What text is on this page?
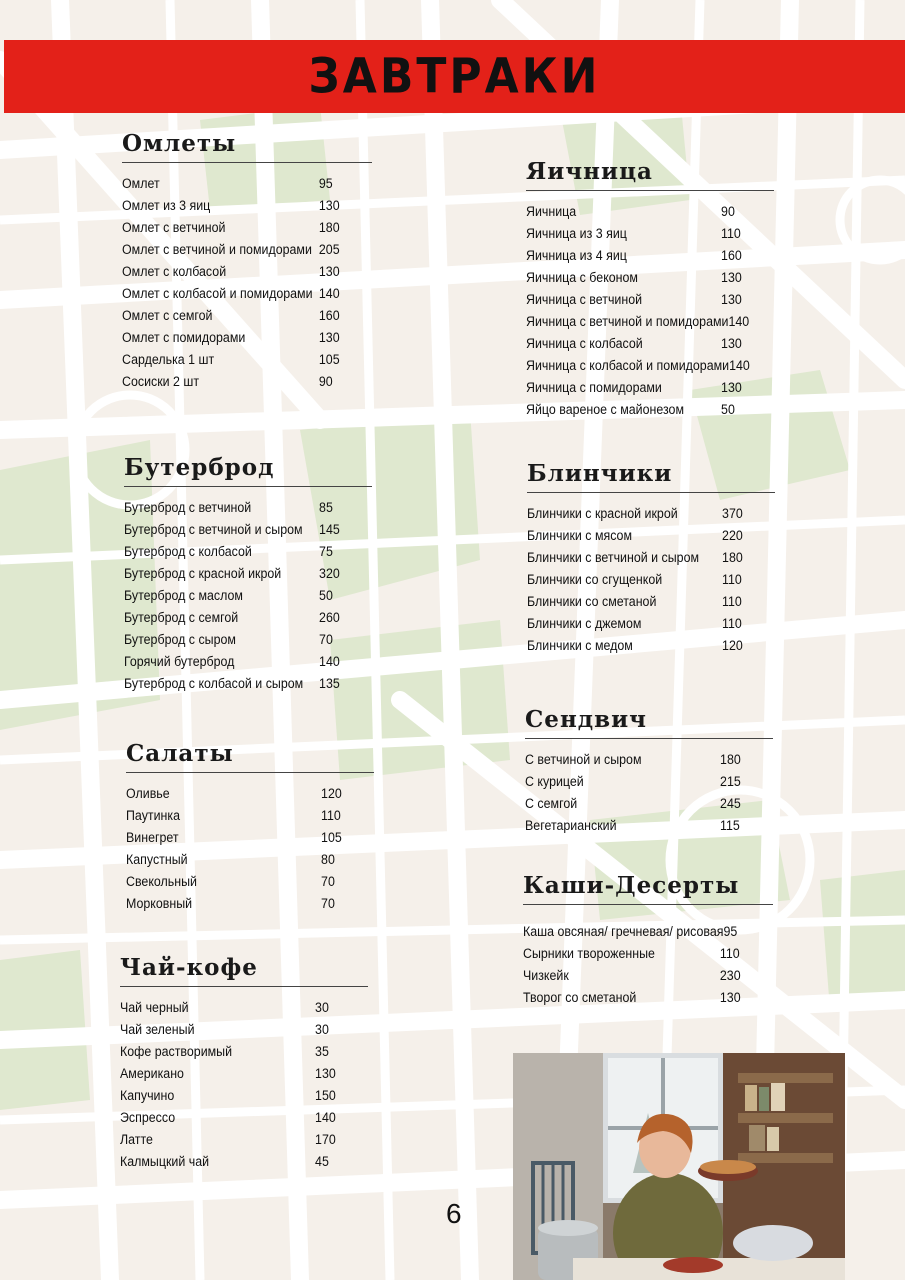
ЗАВТРАКИ
Омлеты
Омлет	95
Омлет из 3 яиц	130
Омлет с ветчиной	180
Омлет с ветчиной и помидорами 205
Омлет с колбасой	130
Омлет с колбасой и помидорами 140
Омлет с семгой	160
Омлет с помидорами	130
Сарделька 1 шт	105
Сосиски 2 шт	90
Яичница
Яичница	90
Яичница из 3 яиц	110
Яичница из 4 яиц	160
Яичница с беконом	130
Яичница с ветчиной	130
Яичница с ветчиной и помидорами 140
Яичница с колбасой	130
Яичница с колбасой и помидорами 140
Яичница с помидорами	130
Яйцо вареное с майонезом	50
Бутерброд
Бутерброд с ветчиной	85
Бутерброд с ветчиной и сыром 145
Бутерброд с колбасой	75
Бутерброд с красной икрой	320
Бутерброд с маслом	50
Бутерброд с семгой	260
Бутерброд с сыром	70
Горячий бутерброд	140
Бутерброд с колбасой и сыром 135
Блинчики
Блинчики с красной икрой	370
Блинчики с мясом	220
Блинчики с ветчиной и сыром 180
Блинчики со сгущенкой	110
Блинчики со сметаной	110
Блинчики с джемом	110
Блинчики с медом	120
Сендвич
С ветчиной и сыром	180
С курицей	215
С семгой	245
Вегетарианский	115
Салаты
Оливье	120
Паутинка	110
Винегрет	105
Капустный	80
Свекольный	70
Морковный	70
Каши-Десерты
Каша овсяная/ гречневая/ рисовая 95
Сырники твороженные	110
Чизкейк	230
Творог со сметаной	130
Чай-кофе
Чай черный	30
Чай зеленый	30
Кофе растворимый	35
Американо	130
Капучино	150
Эспрессо	140
Латте	170
Калмыцкий чай	45
6
